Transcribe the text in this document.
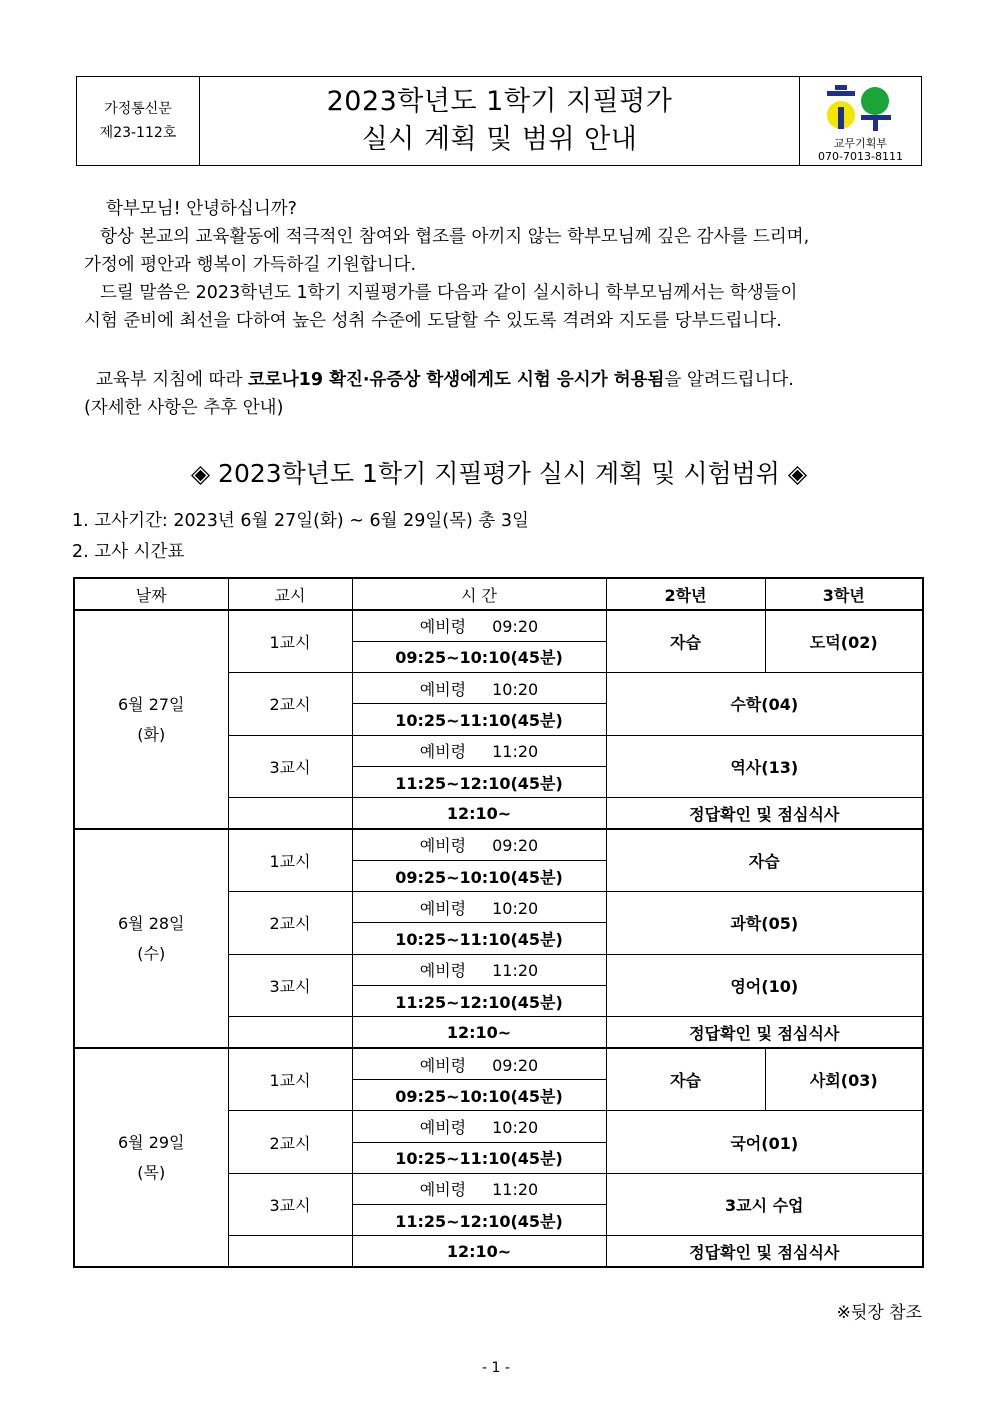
가정통신문
제23-112호
2023학년도 1학기 지필평가
실시 계획 및 범위 안내	교무기획부
070-7013-8111

학부모님! 안녕하십니까?

항상 본교의 교육활동에 적극적인 참여와 협조를 아끼지 않는 학부모님께 깊은 감사를 드리며,

가정에 평안과 행복이 가득하길 기원합니다.

드릴 말씀은 2023학년도 1학기 지필평가를 다음과 같이 실시하니 학부모님께서는 학생들이

시험 준비에 최선을 다하여 높은 성취 수준에 도달할 수 있도록 격려와 지도를 당부드립니다.

교육부 지침에 따라 코로나19 확진·유증상 학생에게도 시험 응시가 허용됨을 알려드립니다.

(자세한 사항은 추후 안내)

◈ 2023학년도 1학기 지필평가 실시 계획 및 시험범위 ◈
1. 고사기간: 2023년 6월 27일(화) ~ 6월 29일(목) 총 3일
2. 고사 시간표
날짜	교시	시 간	2학년	3학년

6월 27일
(화)	1교시	예비령 09:20	자습	도덕(02)
		09:25~10:10(45분)		
	2교시	예비령 10:20	수학(04)	
		10:25~11:10(45분)		
	3교시	예비령 11:20	역사(13)	
		11:25~12:10(45분)		
		12:10~	정답확인 및 점심식사	

6월 28일
(수)	1교시	예비령 09:20	자습	
		09:25~10:10(45분)		
	2교시	예비령 10:20	과학(05)	
		10:25~11:10(45분)		
	3교시	예비령 11:20	영어(10)	
		11:25~12:10(45분)		
		12:10~	정답확인 및 점심식사	

6월 29일
(목)	1교시	예비령 09:20	자습	사회(03)
		09:25~10:10(45분)		
	2교시	예비령 10:20	국어(01)	
		10:25~11:10(45분)		
	3교시	예비령 11:20	3교시 수업	
		11:25~12:10(45분)		
		12:10~	정답확인 및 점심식사	
※뒷장 참조
- 1 -
